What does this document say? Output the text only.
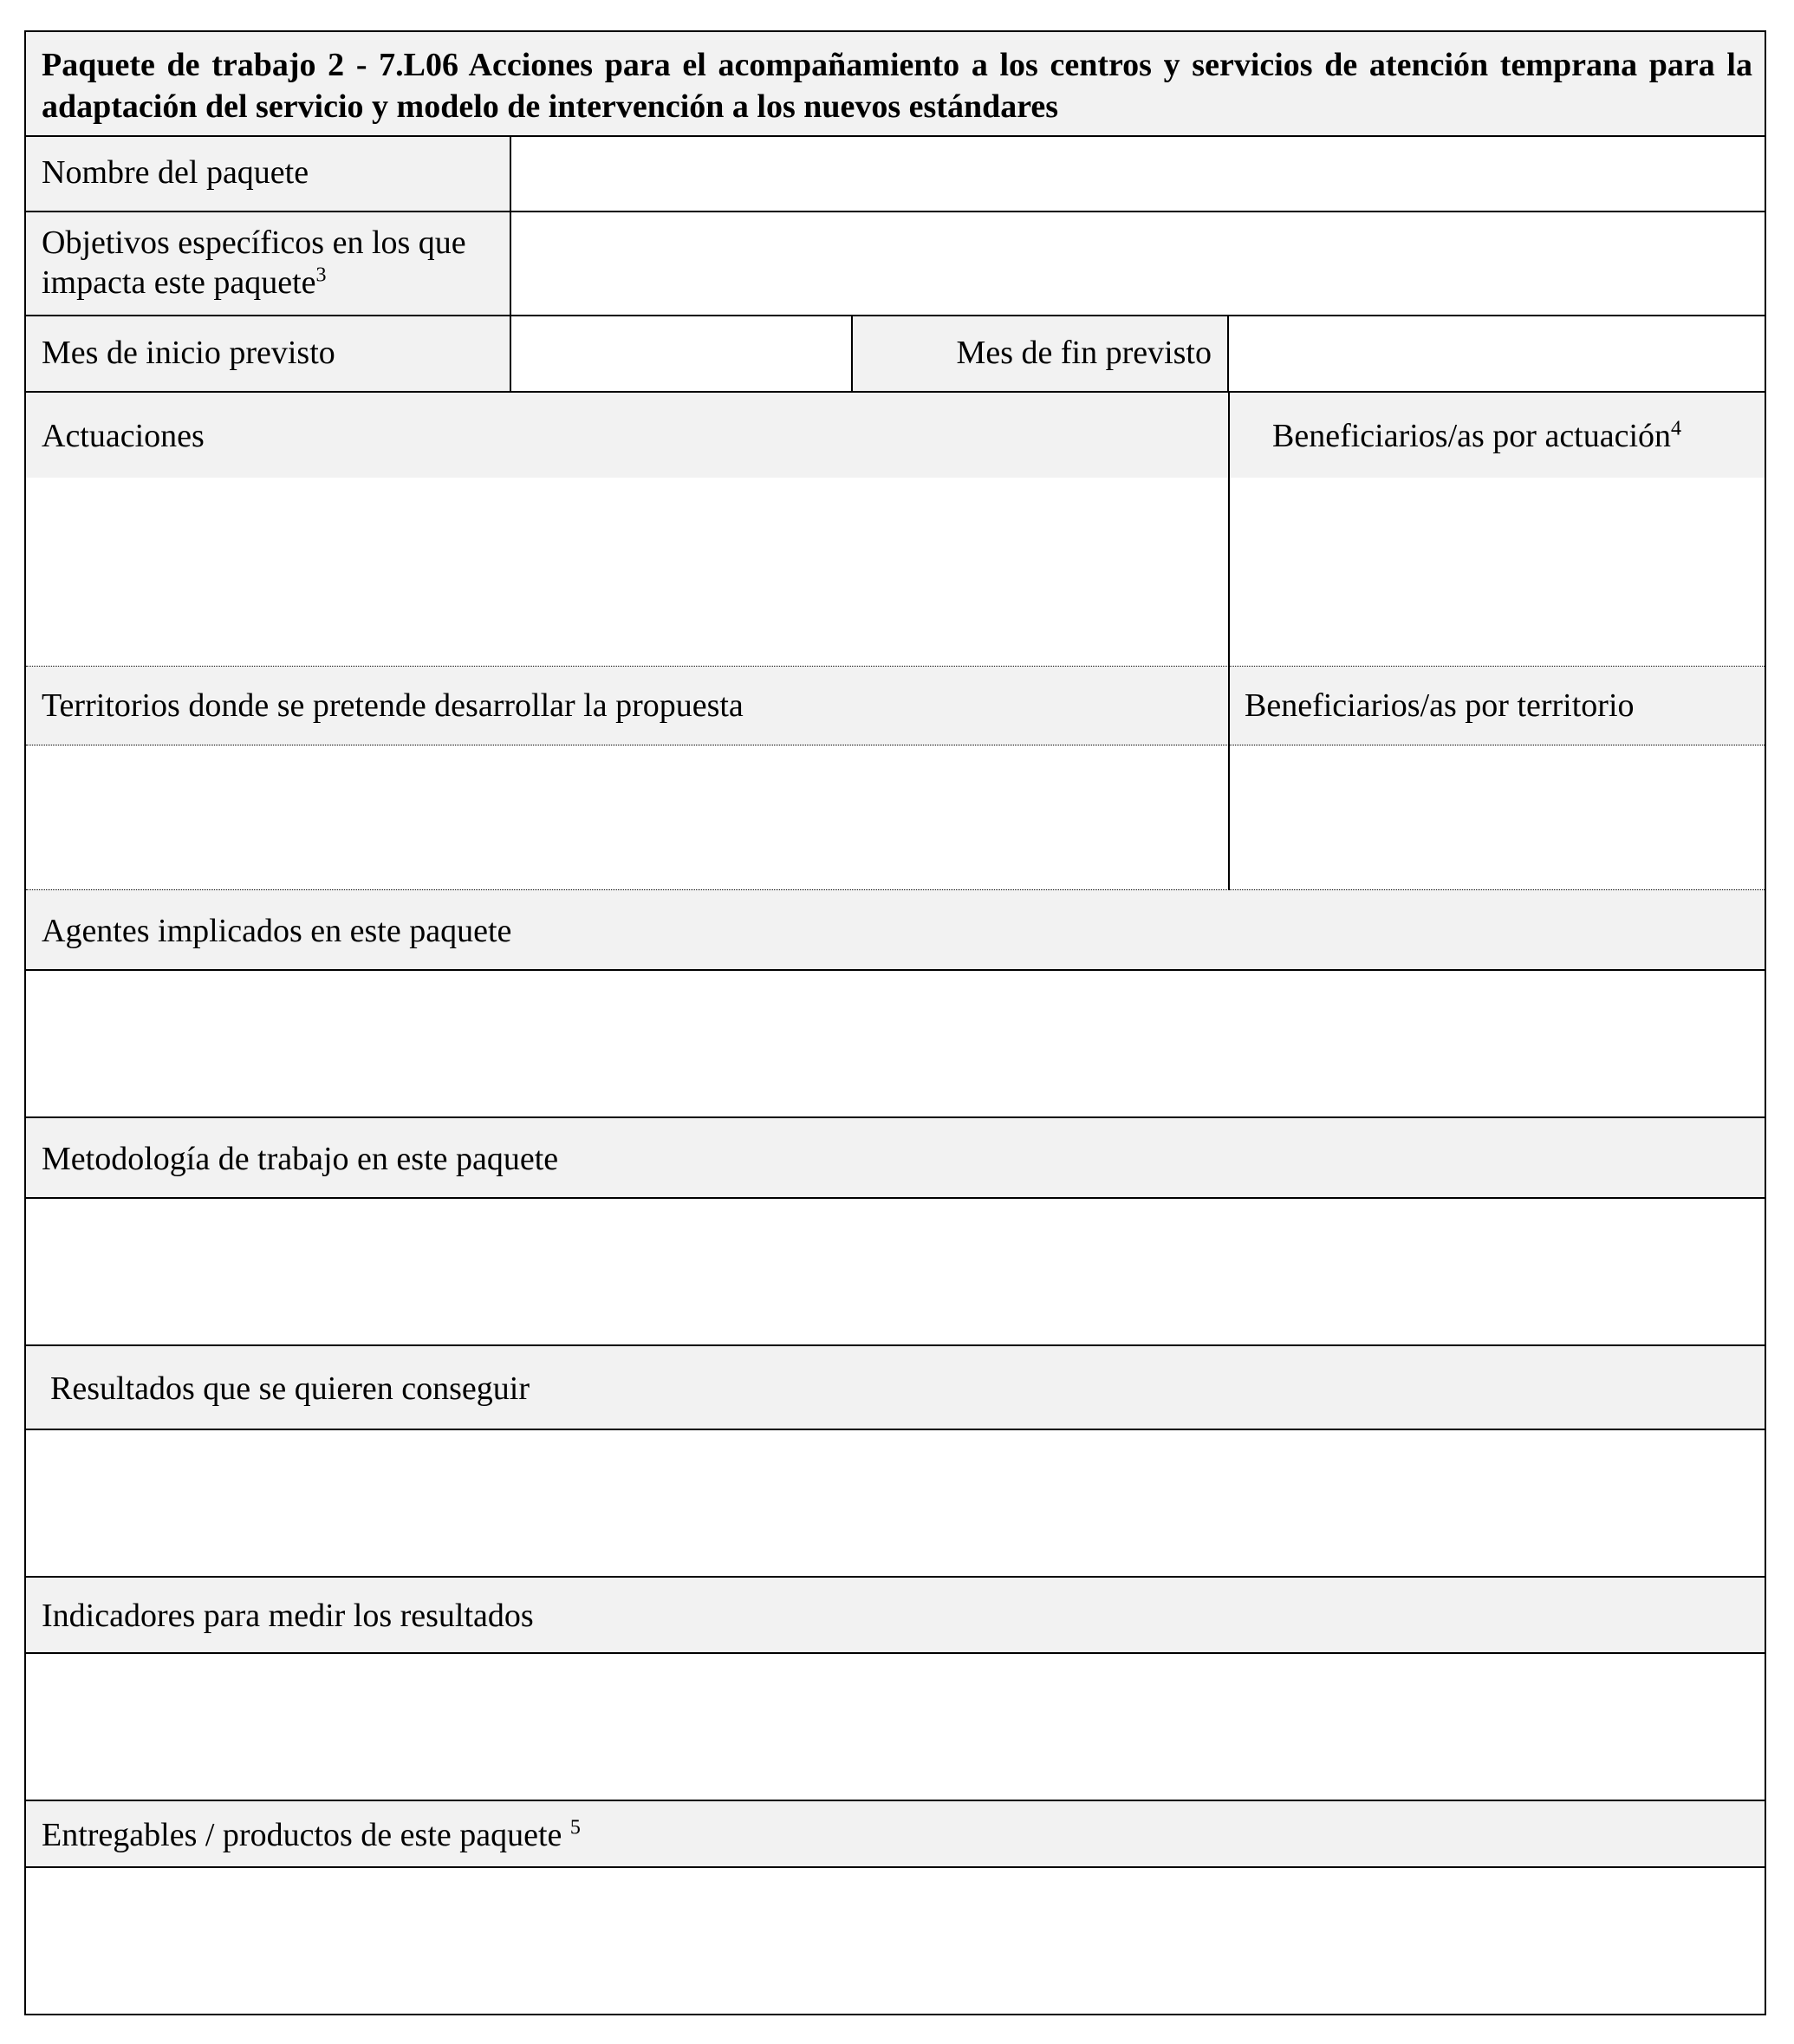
Paquete de trabajo 2 - 7.L06 Acciones para el acompañamiento a los centros y servicios de atención temprana para la adaptación del servicio y modelo de intervención a los nuevos estándares
Nombre del paquete
Objetivos específicos en los que impacta este paquete$^3$
Mes de inicio previsto	Mes de fin previsto
Actuaciones	Beneficiarios/as por actuación$^4$
Territorios donde se pretende desarrollar la propuesta	Beneficiarios/as por territorio
Agentes implicados en este paquete
Metodología de trabajo en este paquete
Resultados que se quieren conseguir
Indicadores para medir los resultados
Entregables / productos de este paquete $^5$
